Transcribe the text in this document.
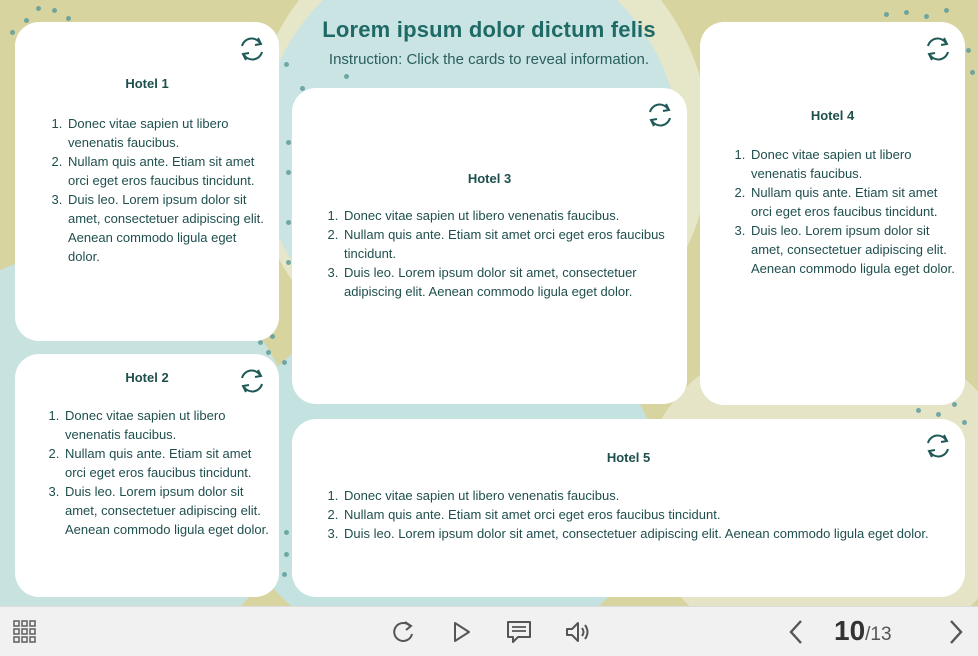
Lorem ipsum dolor dictum felis
Instruction: Click the cards to reveal information.
Hotel 1
1. Donec vitae sapien ut libero venenatis faucibus.
2. Nullam quis ante. Etiam sit amet orci eget eros faucibus tincidunt.
3. Duis leo. Lorem ipsum dolor sit amet, consectetuer adipiscing elit. Aenean commodo ligula eget dolor.
Hotel 2
1. Donec vitae sapien ut libero venenatis faucibus.
2. Nullam quis ante. Etiam sit amet orci eget eros faucibus tincidunt.
3. Duis leo. Lorem ipsum dolor sit amet, consectetuer adipiscing elit. Aenean commodo ligula eget dolor.
Hotel 3
1. Donec vitae sapien ut libero venenatis faucibus.
2. Nullam quis ante. Etiam sit amet orci eget eros faucibus tincidunt.
3. Duis leo. Lorem ipsum dolor sit amet, consectetuer adipiscing elit. Aenean commodo ligula eget dolor.
Hotel 4
1. Donec vitae sapien ut libero venenatis faucibus.
2. Nullam quis ante. Etiam sit amet orci eget eros faucibus tincidunt.
3. Duis leo. Lorem ipsum dolor sit amet, consectetuer adipiscing elit. Aenean commodo ligula eget dolor.
Hotel 5
1. Donec vitae sapien ut libero venenatis faucibus.
2. Nullam quis ante. Etiam sit amet orci eget eros faucibus tincidunt.
3. Duis leo. Lorem ipsum dolor sit amet, consectetuer adipiscing elit. Aenean commodo ligula eget dolor.
10/13
